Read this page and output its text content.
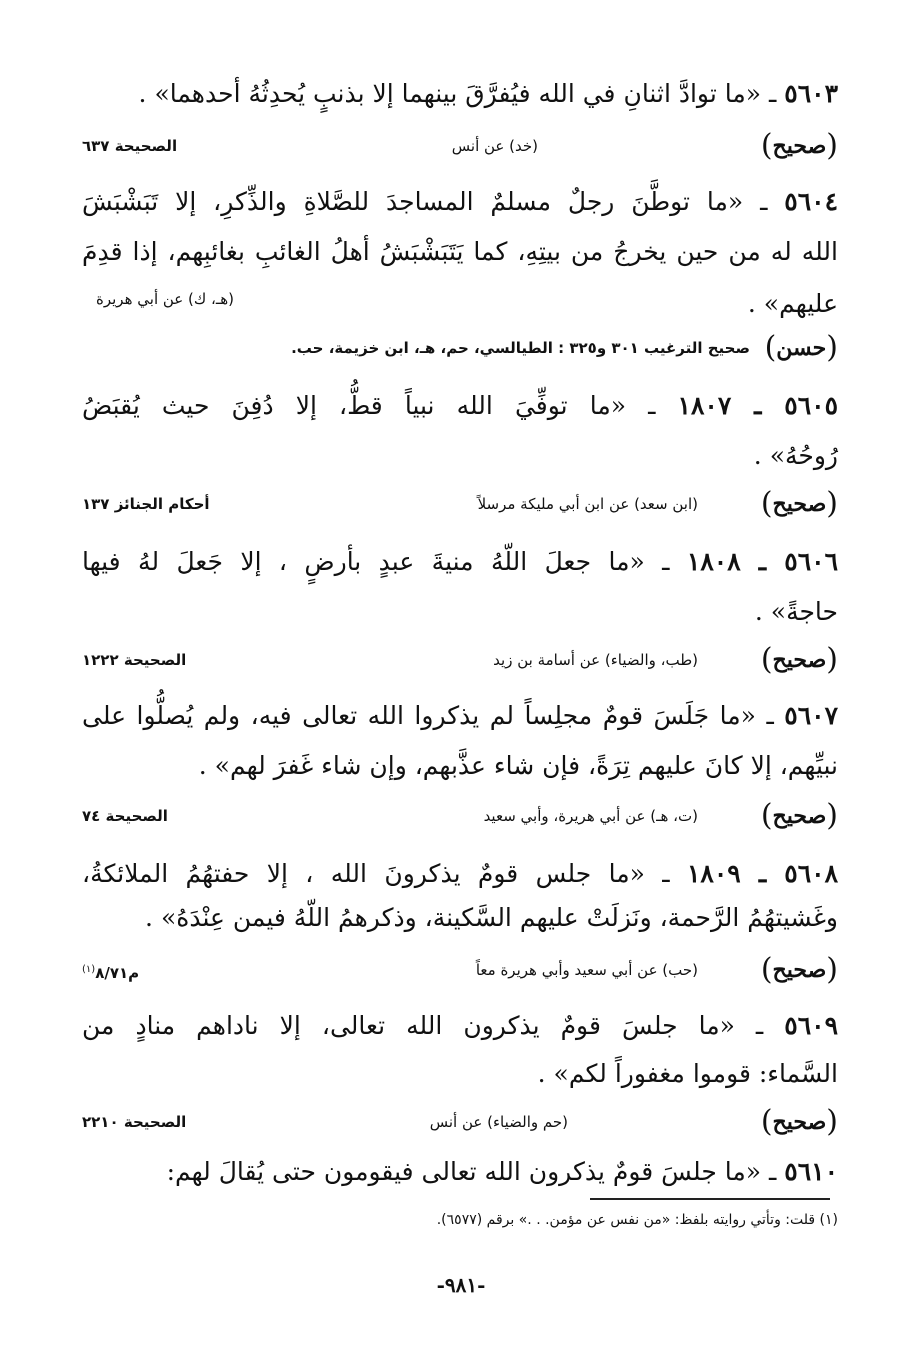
٥٦٠٣ ـ «ما توادَّ اثنانِ في الله فيُفرَّقَ بينهما إلا بذنبٍ يُحدِثُهُ أحدهما» .
(صحيح)
(خد) عن أنس
الصحيحة ٦٣٧
٥٦٠٤ ـ «ما توطَّنَ رجلٌ مسلمٌ المساجدَ للصَّلاةِ والذِّكرِ، إلا تَبَشْبَشَ
الله له من حين يخرجُ من بيتِهِ، كما يَتَبَشْبَشُ أهلُ الغائبِ بغائبِهم، إذا قدِمَ
عليهم» .
(هـ، ك) عن أبي هريرة
(حسن)
صحيح الترغيب ٣٠١ و٣٢٥ : الطيالسي، حم، هـ، ابن خزيمة، حب.
٥٦٠٥ ـ ١٨٠٧ ـ «ما توفِّيَ الله نبياً قطُّ، إلا دُفِنَ حيث يُقبَضُ
رُوحُهُ» .
(صحيح)
(ابن سعد) عن ابن أبي مليكة مرسلاً
أحكام الجنائز ١٣٧
٥٦٠٦ ـ ١٨٠٨ ـ «ما جعلَ اللّهُ منيةَ عبدٍ بأرضٍ ، إلا جَعلَ لهُ فيها
حاجةً» .
(صحيح)
(طب، والضياء) عن أسامة بن زيد
الصحيحة ١٢٢٢
٥٦٠٧ ـ «ما جَلَسَ قومٌ مجلِساً لم يذكروا الله تعالى فيه، ولم يُصلُّوا على
نبيِّهم، إلا كانَ عليهم تِرَةً، فإن شاء عذَّبهم، وإن شاء غَفرَ لهم» .
(صحيح)
(ت، هـ) عن أبي هريرة، وأبي سعيد
الصحيحة ٧٤
٥٦٠٨ ـ ١٨٠٩ ـ «ما جلس قومٌ يذكرونَ الله ، إلا حفتهُمُ الملائكةُ،
وغَشيتهُمُ الرَّحمة، ونَزلَتْ عليهم السَّكينة، وذكرهمُ اللّهُ فيمن عِنْدَهُ» .
(صحيح)
(حب) عن أبي سعيد وأبي هريرة معاً
م٨/٧١$^{(١)}$
٥٦٠٩ ـ «ما جلسَ قومٌ يذكرون الله تعالى، إلا ناداهم منادٍ من
السَّماء: قوموا مغفوراً لكم» .
(صحيح)
(حم والضياء) عن أنس
الصحيحة ٢٢١٠
٥٦١٠ ـ «ما جلسَ قومٌ يذكرون الله تعالى فيقومون حتى يُقالَ لهم:
(١) قلت: وتأتي روايته بلفظ: «من نفس عن مؤمن. . .» برقم (٦٥٧٧).
-٩٨١-
